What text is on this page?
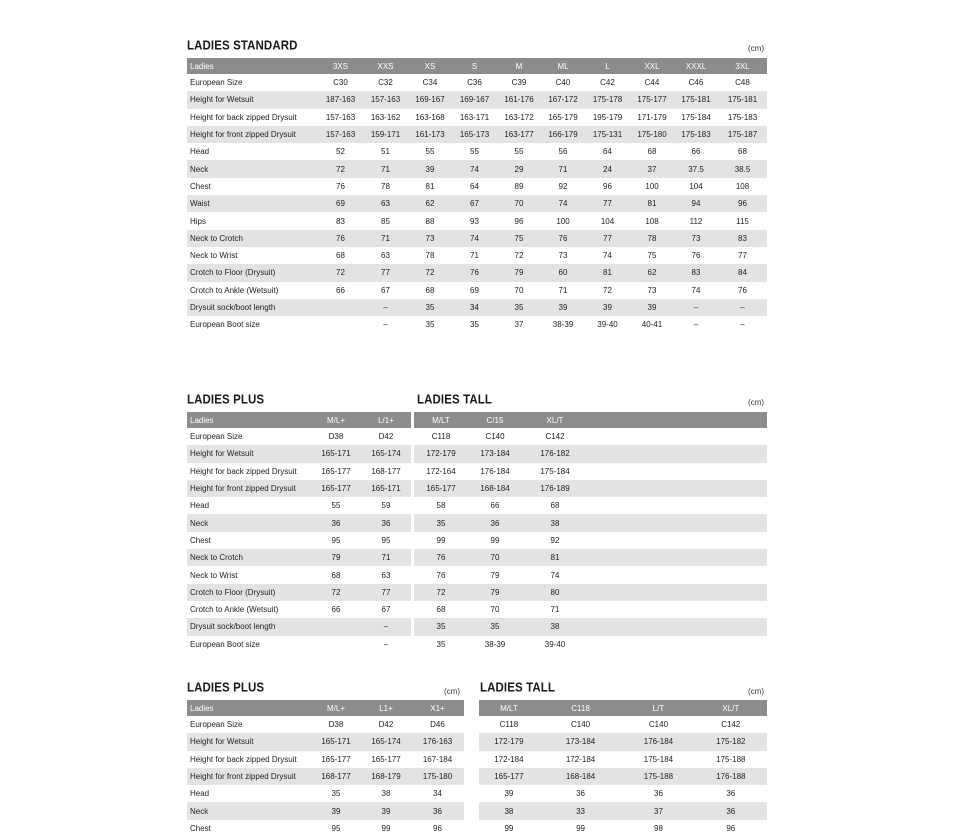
LADIES STANDARD	(cm)
Ladies	3XS	XXS	XS	S	M	ML	L	XXL	XXXL	3XL
European Size	C30	C32	C34	C36	C39	C40	C42	C44	C46	C48
Height for Wetsuit	187-163	157-163	169-167	169-167	161-176	167-172	175-178	175-177	175-181	175-181
Height for back zipped Drysuit	157-163	163-162	163-168	163-171	163-172	165-179	195-179	171-179	175-184	175-183
Height for front zipped Drysuit	157-163	159-171	161-173	165-173	163-177	166-179	175-131	175-180	175-183	175-187
Head	52	51	55	55	55	56	64	68	66	68
Neck	72	71	39	74	29	71	24	37	37.5	38.5
Chest	76	78	81	64	89	92	96	100	104	108
Waist	69	63	62	67	70	74	77	81	94	96
Hips	83	85	88	93	96	100	104	108	112	115
Neck to Crotch	76	71	73	74	75	76	77	78	73	83
Neck to Wrist	68	63	78	71	72	73	74	75	76	77
Crotch to Floor (Drysuit)	72	77	72	76	79	60	81	62	83	84
Crotch to Ankle (Wetsuit)	66	67	68	69	70	71	72	73	74	76
Drysuit sock/boot length		–	35	34	35	39	39	39	–	–
European Boot size		–	35	35	37	38-39	39-40	40-41	–	–
LADIES PLUS
Ladies	M/L+	L/1+
European Size	D38	D42
Height for Wetsuit	165-171	165-174
Height for back zipped Drysuit	165-177	168-177
Height for front zipped Drysuit	165-177	165-171
Head	55	59
Neck	36	36
Chest	95	95
Neck to Crotch	79	71
Neck to Wrist	68	63
Crotch to Floor (Drysuit)	72	77
Crotch to Ankle (Wetsuit)	66	67
Drysuit sock/boot length		–
European Boot size		–
LADIES TALL	(cm)
M/LT	C/15	XL/T	
C118	C140	C142	
172-179	173-184	176-182	
172-164	176-184	175-184	
165-177	168-184	176-189	
58	66	68	
35	36	38	
99	99	92	
76	70	81	
76	79	74	
72	79	80	
68	70	71	
35	35	38	
35	38-39	39-40	
LADIES PLUS	(cm)
Ladies	M/L+	L1+	X1+
European Size	D38	D42	D46
Height for Wetsuit	165-171	165-174	176-163
Height for back zipped Drysuit	165-177	165-177	167-184
Height for front zipped Drysuit	168-177	168-179	175-180
Head	35	38	34
Neck	39	39	36
Chest	95	99	96
LADIES TALL	(cm)
M/LT	C118	L/T	XL/T
C118	C140	C140	C142
172-179	173-184	176-184	175-182
172-184	172-184	175-184	175-188
165-177	168-184	175-188	176-188
39	36	36	36
38	33	37	36
99	99	98	96
